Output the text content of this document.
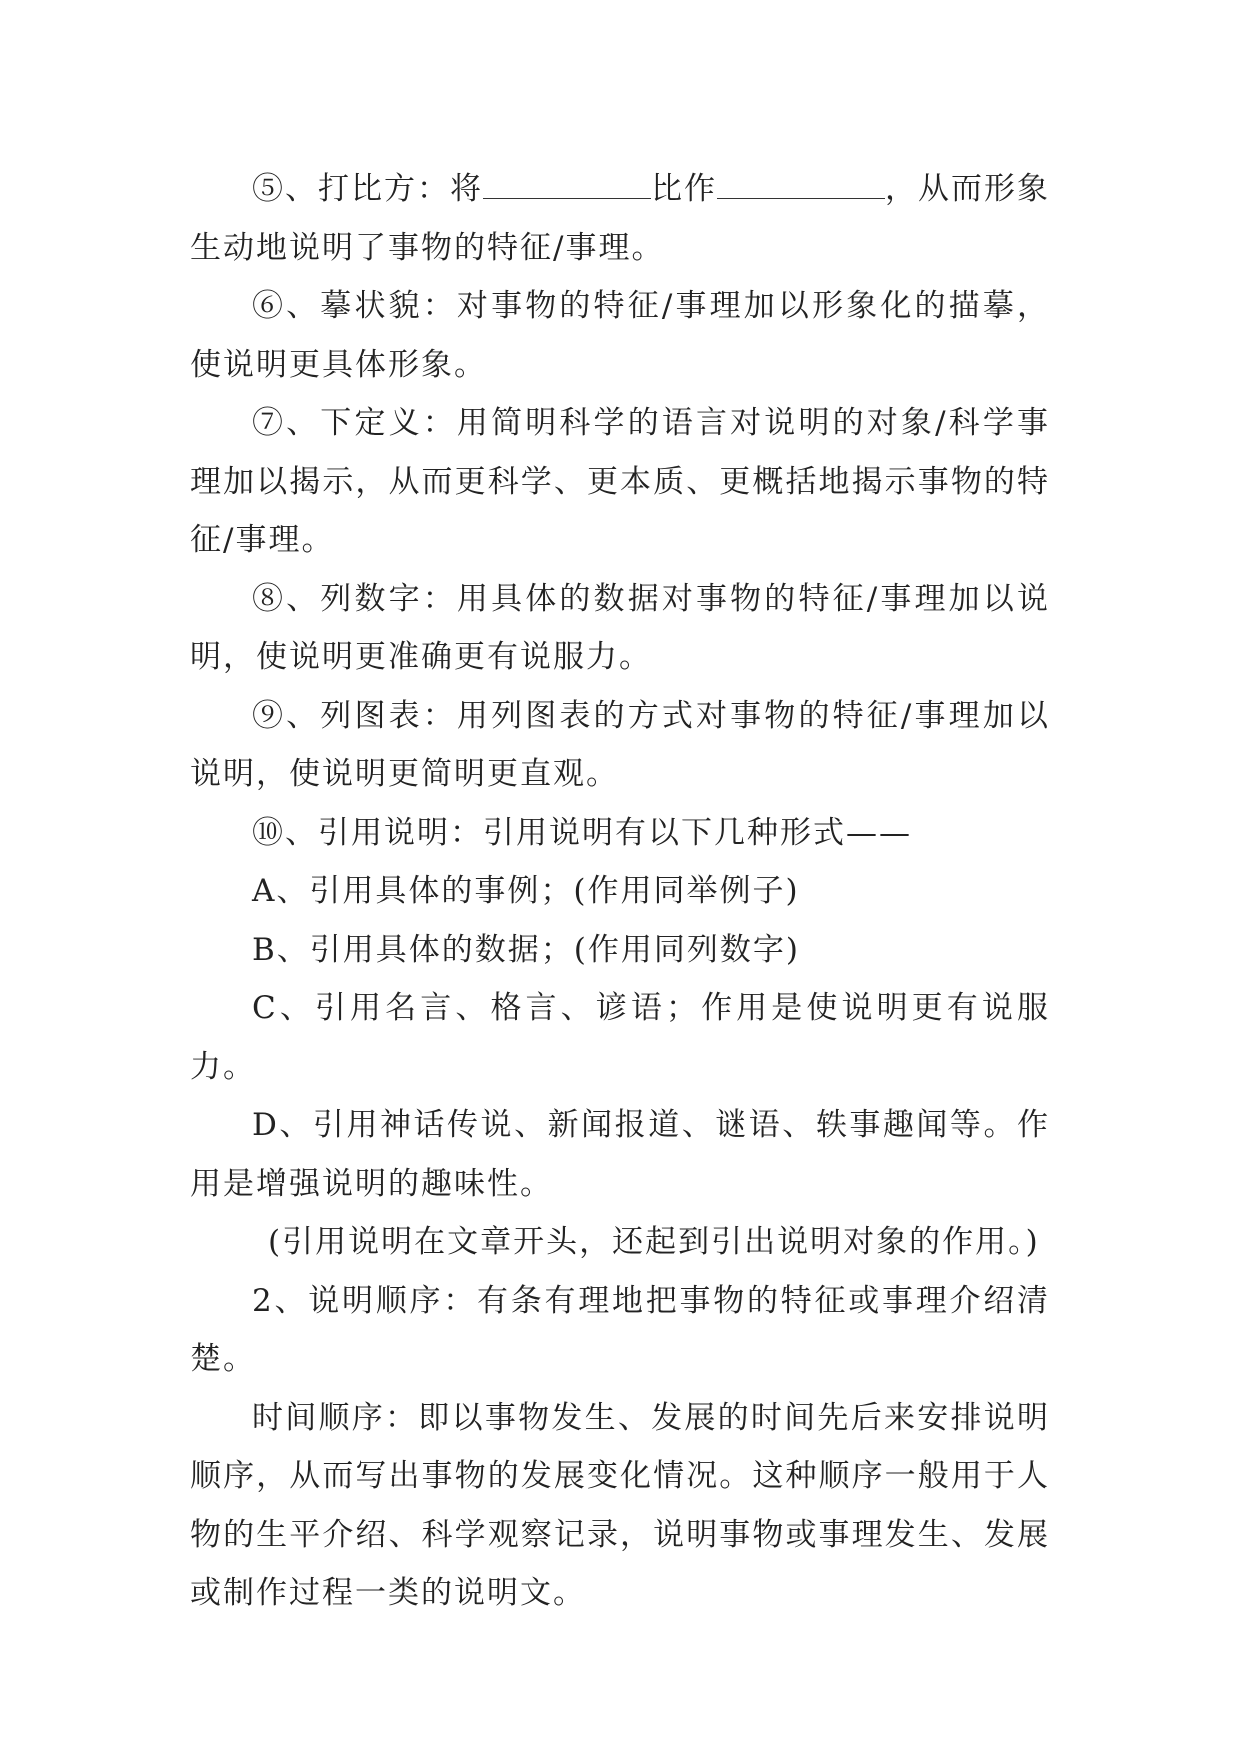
⑤、打比方：将	比作	，从而形象生动地说明了事物的特征/事理。

⑥、摹状貌：对事物的特征/事理加以形象化的描摹，使说明更具体形象。

⑦、下定义：用简明科学的语言对说明的对象/科学事理加以揭示，从而更科学、更本质、更概括地揭示事物的特征/事理。

⑧、列数字：用具体的数据对事物的特征/事理加以说明，使说明更准确更有说服力。

⑨、列图表：用列图表的方式对事物的特征/事理加以说明，使说明更简明更直观。

⑩、引用说明：引用说明有以下几种形式——

A、引用具体的事例；(作用同举例子)

B、引用具体的数据；(作用同列数字)

C、引用名言、格言、谚语；作用是使说明更有说服力。

D、引用神话传说、新闻报道、谜语、轶事趣闻等。作用是增强说明的趣味性。

(引用说明在文章开头，还起到引出说明对象的作用。)

2、说明顺序：有条有理地把事物的特征或事理介绍清楚。

时间顺序：即以事物发生、发展的时间先后来安排说明顺序，从而写出事物的发展变化情况。这种顺序一般用于人物的生平介绍、科学观察记录，说明事物或事理发生、发展或制作过程一类的说明文。
